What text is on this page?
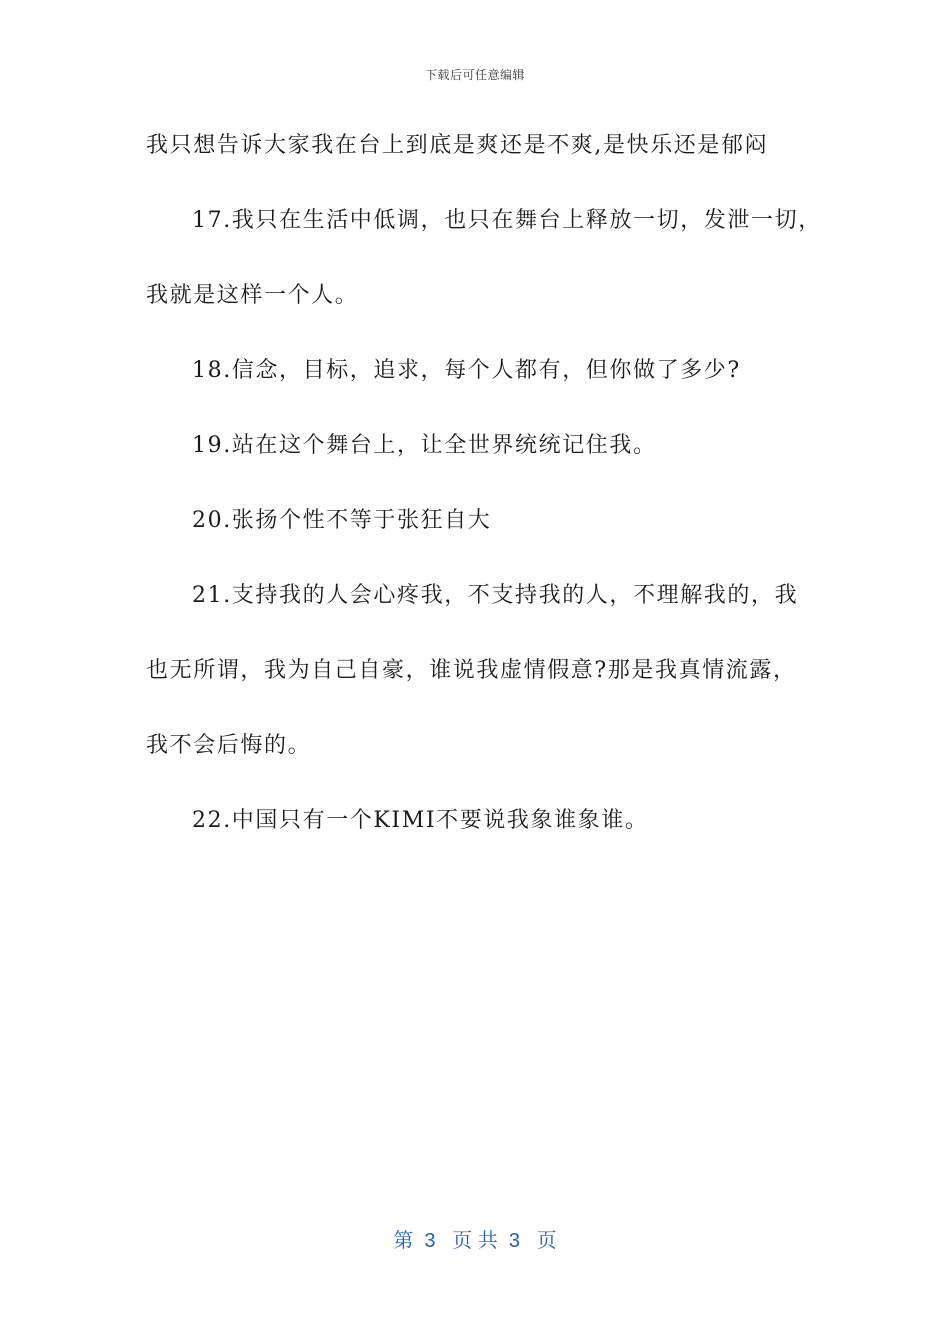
下载后可任意编辑
我只想告诉大家我在台上到底是爽还是不爽,是快乐还是郁闷
17.我只在生活中低调，也只在舞台上释放一切，发泄一切，
我就是这样一个人。
18.信念，目标，追求，每个人都有，但你做了多少?
19.站在这个舞台上，让全世界统统记住我。
20.张扬个性不等于张狂自大
21.支持我的人会心疼我，不支持我的人，不理解我的，我
也无所谓，我为自己自豪，谁说我虚情假意?那是我真情流露，
我不会后悔的。
22.中国只有一个KIMI不要说我象谁象谁。
第  3   页 共  3   页
